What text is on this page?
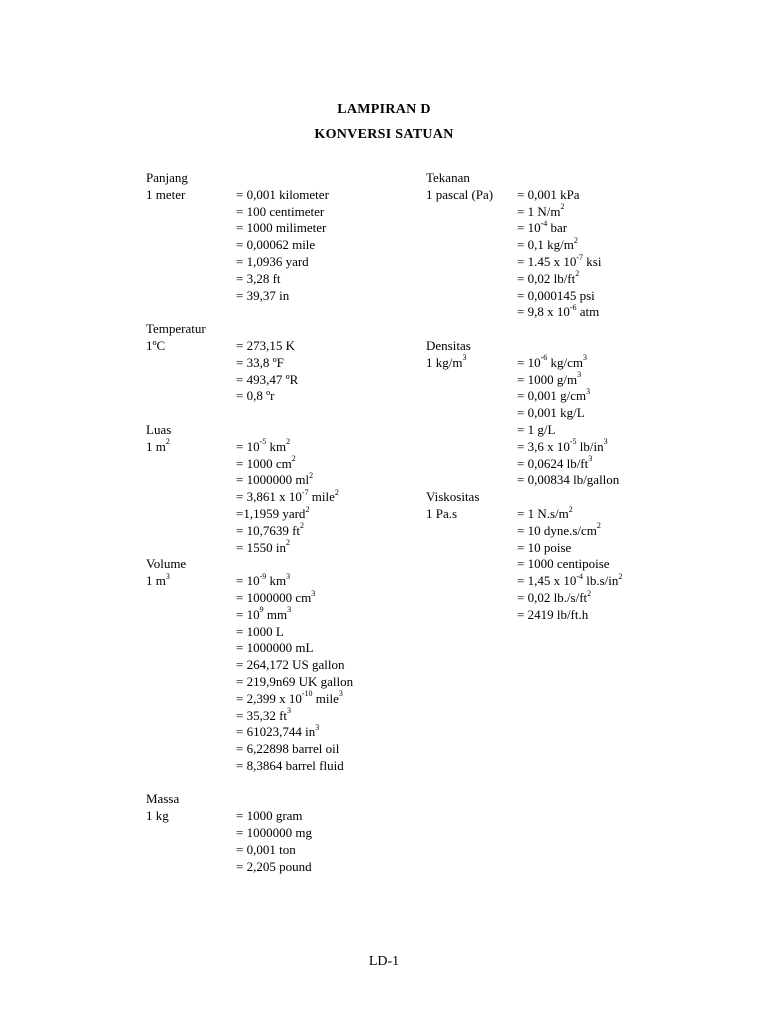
LAMPIRAN D
KONVERSI SATUAN
Panjang
1 meter	= 0,001 kilometer
= 100 centimeter
= 1000 milimeter
= 0,00062 mile
= 1,0936 yard
= 3,28 ft
= 39,37 in
Temperatur
1ºC	= 273,15 K
= 33,8 ºF
= 493,47 ºR
= 0,8 ºr
Luas
1 $m^2$	= $10^{-5}$ $km^2$
= 1000 $cm^2$
= 1000000 $ml^2$
= 3,861 x $10^{-7}$ mile$^2$
=1,1959 yard$^2$
= 10,7639 $ft^2$
= 1550 $in^2$
Volume
1 $m^3$	= $10^{-9}$ $km^3$
= 1000000 $cm^3$
= $10^9$ $mm^3$
= 1000 L
= 1000000 mL
= 264,172 US gallon
= 219,9n69 UK gallon
= 2,399 x $10^{-10}$ mile$^3$
= 35,32 $ft^3$
= 61023,744 $in^3$
= 6,22898 barrel oil
= 8,3864 barrel fluid
Massa
1 kg	= 1000 gram
= 1000000 mg
= 0,001 ton
= 2,205 pound
Tekanan
1 pascal (Pa) = 0,001 kPa
= 1 $N/m^2$
= $10^{-4}$ bar
= 0,1 $kg/m^2$
= 1.45 x $10^{-7}$ ksi
= 0,02 $lb/ft^2$
= 0,000145 psi
= 9,8 x $10^{-6}$ atm
Densitas
1 $kg/m^3$	= $10^{-6}$ $kg/cm^3$
= 1000 $g/m^3$
= 0,001 $g/cm^3$
= 0,001 kg/L
= 1 g/L
= 3,6 x $10^{-5}$ $lb/in^3$
= 0,0624 $lb/ft^3$
= 0,00834 lb/gallon
Viskositas
1 Pa.s	= 1 $N.s/m^2$
= 10 $dyne.s/cm^2$
= 10 poise
= 1000 centipoise
= 1,45 x $10^{-4}$ $lb.s/in^2$
= 0,02 $lb./s/ft^2$
= 2419 lb/ft.h
LD-1
